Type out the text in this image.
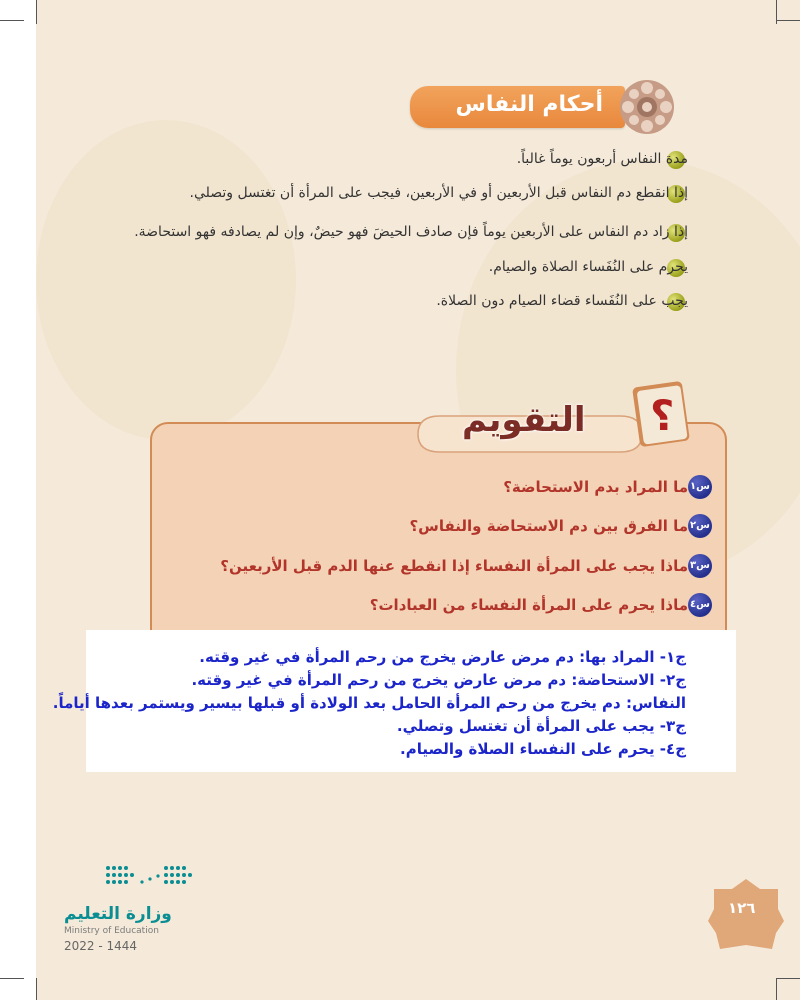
أحكام النفاس
مدة النفاس أربعون يوماً غالباً.
إذا انقطع دم النفاس قبل الأربعين أو في الأربعين، فيجب على المرأة أن تغتسل وتصلي.
إذا زاد دم النفاس على الأربعين يوماً فإن صادف الحيضَ فهو حيضٌ، وإن لم يصادفه فهو استحاضة.
يحرم على النُفَساء الصلاة والصيام.
يجب على النُفَساء قضاء الصيام دون الصلاة.
؟
التقويم
س١
ما المراد بدم الاستحاضة؟
س٢
ما الفرق بين دم الاستحاضة والنفاس؟
س٣
ماذا يجب على المرأة النفساء إذا انقطع عنها الدم قبل الأربعين؟
س٤
ماذا يحرم على المرأة النفساء من العبادات؟
ج١- المراد بها: دم مرض عارض يخرج من رحم المرأة في غير وقته.
ج٢- الاستحاضة: دم مرض عارض يخرج من رحم المرأة في غير وقته.
النفاس: دم يخرج من رحم المرأة الحامل بعد الولادة أو قبلها بيسير ويستمر بعدها أياماً.
ج٣- يجب على المرأة أن تغتسل وتصلي.
ج٤- يحرم على النفساء الصلاة والصيام.
١٢٦
وزارة التعليم
Ministry of Education
2022 - 1444
